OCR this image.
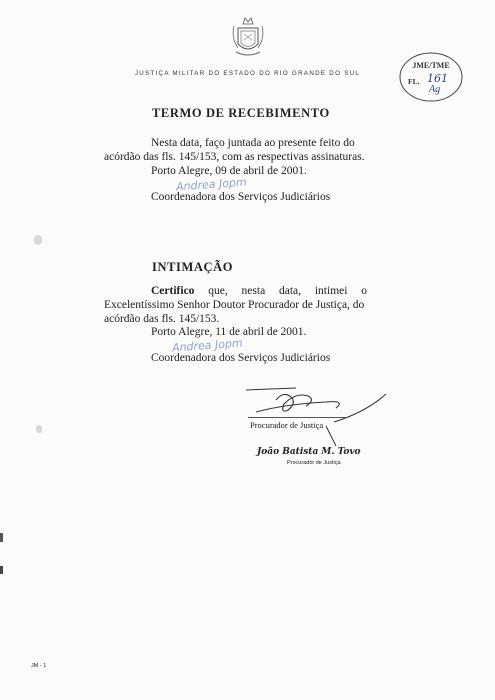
JUSTIÇA MILITAR DO ESTADO DO RIO GRANDE DO SUL
JME/TME
FL. 161
Ag
TERMO DE RECEBIMENTO
Nesta data, faço juntada ao presente feito do
acórdão das fls. 145/153, com as respectivas assinaturas.
Porto Alegre, 09 de abril de 2001.
Andrea Jopm
Coordenadora dos Serviços Judiciários
INTIMAÇÃO
Certifico que, nesta data, intimei o
Excelentíssimo Senhor Doutor Procurador de Justiça, do
acórdão das fls. 145/153.
Porto Alegre, 11 de abril de 2001.
Andrea Jopm
Coordenadora dos Serviços Judiciários
Procurador de Justiça
João Batista M. Tovo
Procurador de Justiça
JM - 1
